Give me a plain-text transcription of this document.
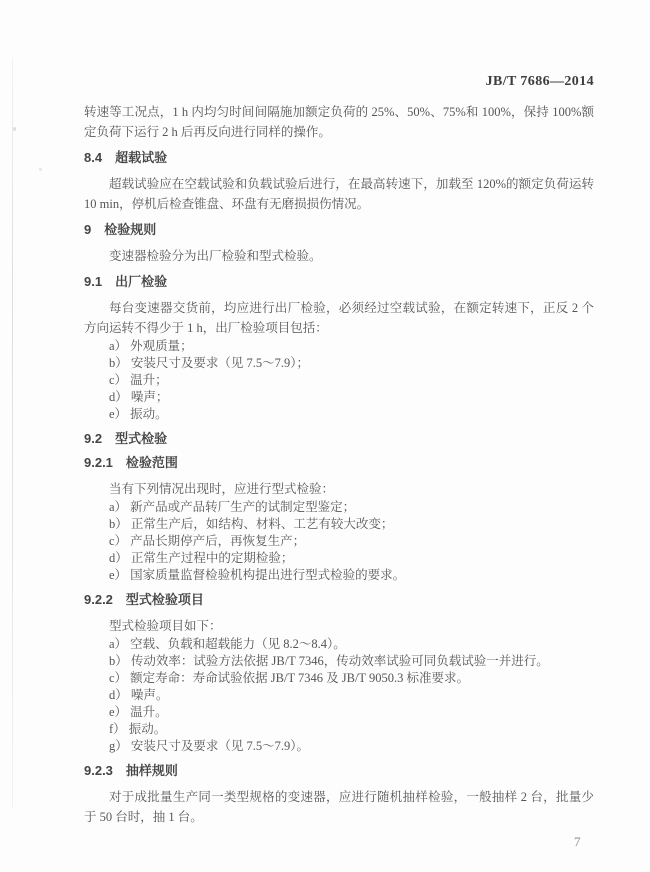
JB/T 7686—2014

转速等工况点，1 h 内均匀时间间隔施加额定负荷的 25%、50%、75%和 100%，保持 100%额定负荷下运行 2 h 后再反向进行同样的操作。

8.4 超载试验

超载试验应在空载试验和负载试验后进行，在最高转速下，加载至 120%的额定负荷运转 10 min，停机后检查锥盘、环盘有无磨损损伤情况。

9 检验规则

变速器检验分为出厂检验和型式检验。

9.1 出厂检验

每台变速器交货前，均应进行出厂检验，必须经过空载试验，在额定转速下，正反 2 个方向运转不得少于 1 h，出厂检验项目包括：

a） 外观质量；
b） 安装尺寸及要求（见 7.5～7.9）；
c） 温升；
d） 噪声；
e） 振动。
9.2 型式检验
9.2.1 检验范围

当有下列情况出现时，应进行型式检验：

a） 新产品或产品转厂生产的试制定型鉴定；
b） 正常生产后，如结构、材料、工艺有较大改变；
c） 产品长期停产后，再恢复生产；
d） 正常生产过程中的定期检验；
e） 国家质量监督检验机构提出进行型式检验的要求。
9.2.2 型式检验项目

型式检验项目如下：

a） 空载、负载和超载能力（见 8.2～8.4）。
b） 传动效率：试验方法依据 JB/T 7346，传动效率试验可同负载试验一并进行。
c） 额定寿命：寿命试验依据 JB/T 7346 及 JB/T 9050.3 标准要求。
d） 噪声。
e） 温升。
f） 振动。
g） 安装尺寸及要求（见 7.5～7.9）。
9.2.3 抽样规则

对于成批量生产同一类型规格的变速器，应进行随机抽样检验，一般抽样 2 台，批量少于 50 台时，抽 1 台。

7
